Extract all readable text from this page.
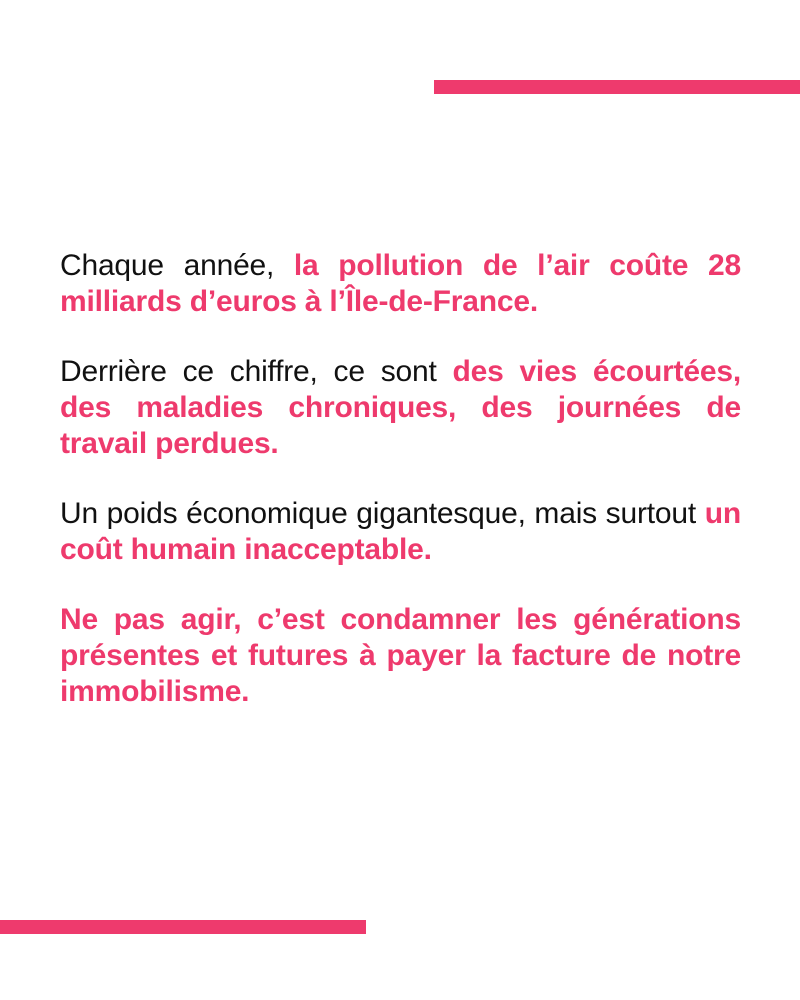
Chaque année, la pollution de l’air coûte 28 milliards d’euros à l’Île-de-France.

Derrière ce chiffre, ce sont des vies écourtées, des maladies chroniques, des journées de travail perdues.

Un poids économique gigantesque, mais surtout un coût humain inacceptable.

Ne pas agir, c’est condamner les générations présentes et futures à payer la facture de notre immobilisme.
